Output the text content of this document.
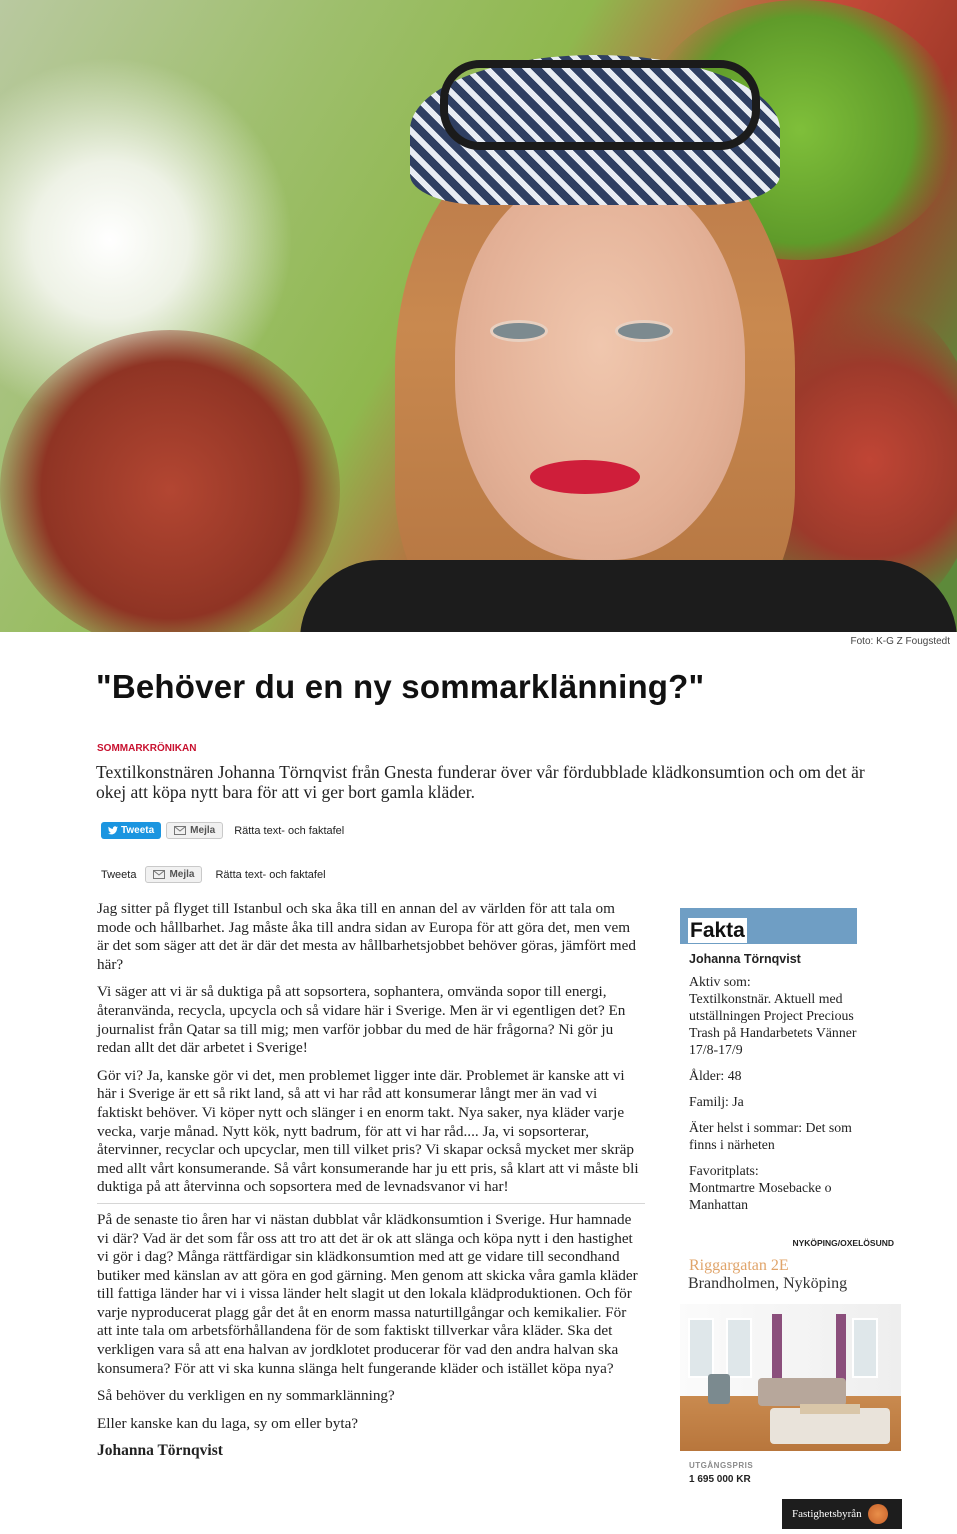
Foto: K-G Z Fougstedt
"Behöver du en ny sommarklänning?"
SOMMARKRÖNIKAN

Textilkonstnären Johanna Törnqvist från Gnesta funderar över vår fördubblade klädkonsumtion och om det är okej att köpa nytt bara för att vi ger bort gamla kläder.

Tweeta	Mejla Rätta text- och faktafel
Tweeta	Mejla Rätta text- och faktafel

Jag sitter på flyget till Istanbul och ska åka till en annan del av världen för att tala om mode och hållbarhet. Jag måste åka till andra sidan av Europa för att göra det, men vem är det som säger att det är där det mesta av hållbarhetsjobbet behöver göras, jämfört med här?

Vi säger att vi är så duktiga på att sopsortera, sophantera, omvända sopor till energi, återanvända, recycla, upcycla och så vidare här i Sverige. Men är vi egentligen det? En journalist från Qatar sa till mig; men varför jobbar du med de här frågorna? Ni gör ju redan allt det där arbetet i Sverige!

Gör vi? Ja, kanske gör vi det, men problemet ligger inte där. Problemet är kanske att vi här i Sverige är ett så rikt land, så att vi har råd att konsumerar långt mer än vad vi faktiskt behöver. Vi köper nytt och slänger i en enorm takt. Nya saker, nya kläder varje vecka, varje månad. Nytt kök, nytt badrum, för att vi har råd.... Ja, vi sopsorterar, återvinner, recyclar och upcyclar, men till vilket pris? Vi skapar också mycket mer skräp med allt vårt konsumerande. Så vårt konsumerande har ju ett pris, så klart att vi måste bli duktiga på att återvinna och sopsortera med de levnadsvanor vi har!

På de senaste tio åren har vi nästan dubblat vår klädkonsumtion i Sverige. Hur hamnade vi där? Vad är det som får oss att tro att det är ok att slänga och köpa nytt i den hastighet vi gör i dag? Många rättfärdigar sin klädkonsumtion med att ge vidare till secondhand butiker med känslan av att göra en god gärning. Men genom att skicka våra gamla kläder till fattiga länder har vi i vissa länder helt slagit ut den lokala klädproduktionen. Och för varje nyproducerat plagg går det åt en enorm massa naturtillgångar och kemikalier. För att inte tala om arbetsförhållandena för de som faktiskt tillverkar våra kläder. Ska det verkligen vara så att ena halvan av jordklotet producerar för vad den andra halvan ska konsumera? För att vi ska kunna slänga helt fungerande kläder och istället köpa nya?

Så behöver du verkligen en ny sommarklänning?

Eller kanske kan du laga, sy om eller byta?

Johanna Törnqvist

Fakta
Johanna Törnqvist

Aktiv som:
Textilkonstnär. Aktuell med utställningen Project Precious Trash på Handarbetets Vänner 17/8-17/9

Ålder: 48

Familj: Ja

Äter helst i sommar: Det som finns i närheten

Favoritplats:
Montmartre Mosebacke o Manhattan

NYKÖPING/OXELÖSUND
Riggargatan 2E
Brandholmen, Nyköping
UTGÅNGSPRIS
1 695 000 KR
Fastighetsbyrån
